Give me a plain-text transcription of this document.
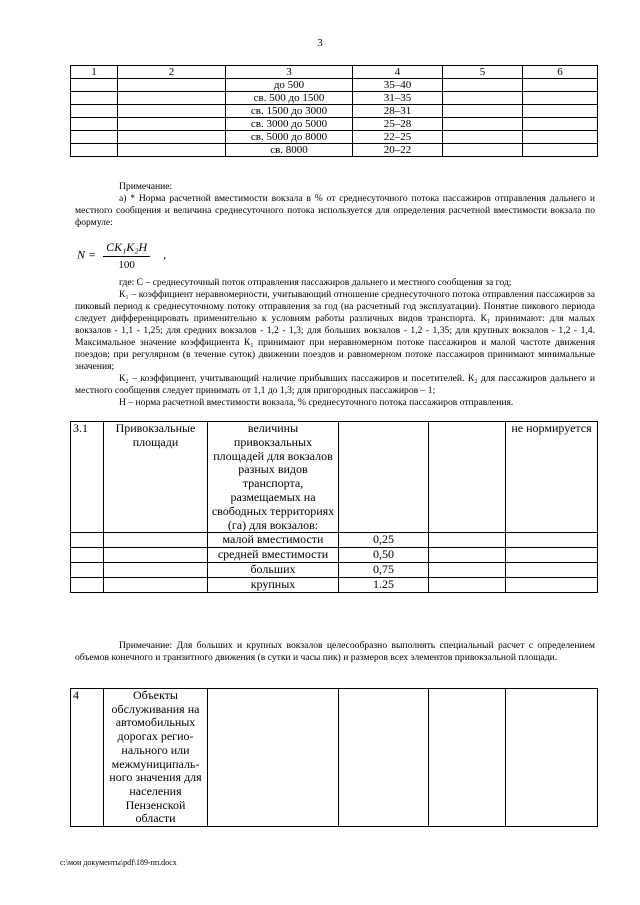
3
1	2	3	4	5	6
		до 500	35–40		
		св. 500 до 1500	31–35		
		св. 1500 до 3000	28–31		
		св. 3000 до 5000	25–28		
		св. 5000 до 8000	22–25		
		св. 8000	20–22		

Примечание:

а) * Норма расчетной вместимости вокзала в % от среднесуточного потока пассажиров отправления дальнего и местного сообщения и величина среднесуточного потока используется для определения расчетной вместимости вокзала по формуле:

$N = \frac{\text{CK₁K₂H}}{100}$ ,

где: С – среднесуточный поток отправления пассажиров дальнего и местного сообщения за год;

К₁ – коэффициент неравномерности, учитывающий отношение среднесуточного потока отправления пассажиров за пиковый период к среднесуточному потоку отправления за год (на расчетный год эксплуатации). Понятие пикового периода следует дифференцировать применительно к условиям работы различных видов транспорта. К₁ принимают: для малых вокзалов - 1,1 - 1,25; для средних вокзалов - 1,2 - 1,3; для больших вокзалов - 1,2 - 1,35; для крупных вокзалов - 1,2 - 1,4. Максимальное значение коэффициента К₁ принимают при неравномерном потоке пассажиров и малой частоте движения поездов; при регулярном (в течение суток) движении поездов и равномерном потоке пассажиров принимают минимальные значения;

К₂ – коэффициент, учитывающий наличие прибывших пассажиров и посетителей. К₂ для пассажиров дальнего и местного сообщения следует принимать от 1,1 до 1,3; для пригородных пассажиров – 1;

Н – норма расчетной вместимости вокзала, % среднесуточного потока пассажиров отправления.

3.1	Привокзальные площади	величины привокзальных площадей для вокзалов разных видов транспорта, размещаемых на свободных территориях (га) для вокзалов:			не нормируется
		малой вместимости	0,25		
		средней вместимости	0,50		
		больших	0,75		
		крупных	1.25		

Примечание: Для больших и крупных вокзалов целесообразно выполнять специальный расчет с определением объемов конечного и транзитного движения (в сутки и часы пик) и размеров всех элементов привокзальной площади.

4	Объекты обслуживания на автомобильных дорогах регио-нального или межмуниципаль-ного значения для населения Пензенской области				
c:\мои документы\pdf\189-пп.docx
